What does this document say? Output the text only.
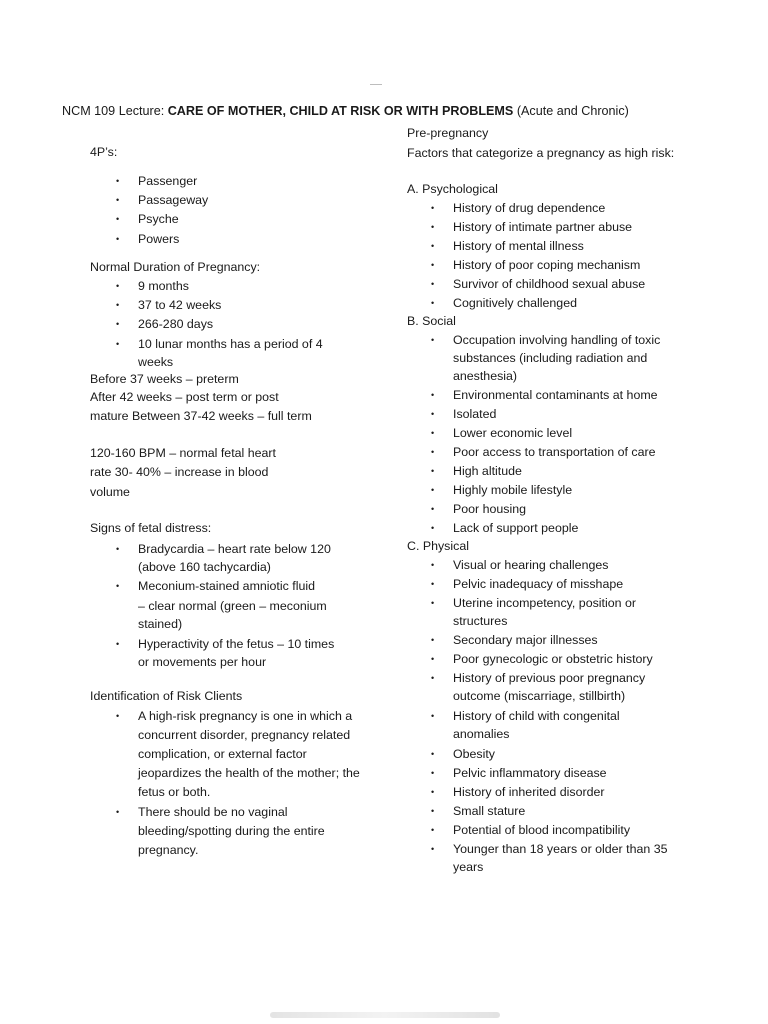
NCM 109 Lecture: CARE OF MOTHER, CHILD AT RISK OR WITH PROBLEMS (Acute and Chronic)
4P’s:
• Passenger
• Passageway
• Psyche
• Powers
Normal Duration of Pregnancy:
• 9 months
• 37 to 42 weeks
• 266-280 days
• 10 lunar months has a period of 4 weeks
Before 37 weeks – preterm
After 42 weeks – post term or post
mature Between 37-42 weeks – full term
120-160 BPM – normal fetal heart
rate 30- 40% – increase in blood
volume
Signs of fetal distress:
• Bradycardia – heart rate below 120 (above 160 tachycardia)
• Meconium-stained amniotic fluid
– clear normal (green – meconium stained)
• Hyperactivity of the fetus – 10 times or movements per hour
Identification of Risk Clients
• A high-risk pregnancy is one in which a concurrent disorder, pregnancy related complication, or external factor jeopardizes the health of the mother; the fetus or both.
• There should be no vaginal bleeding/spotting during the entire pregnancy.
Pre-pregnancy
Factors that categorize a pregnancy as high risk:
A. Psychological
• History of drug dependence
• History of intimate partner abuse
• History of mental illness
• History of poor coping mechanism
• Survivor of childhood sexual abuse
• Cognitively challenged
B. Social
• Occupation involving handling of toxic substances (including radiation and anesthesia)
• Environmental contaminants at home
• Isolated
• Lower economic level
• Poor access to transportation of care
• High altitude
• Highly mobile lifestyle
• Poor housing
• Lack of support people
C. Physical
• Visual or hearing challenges
• Pelvic inadequacy of misshape
• Uterine incompetency, position or structures
• Secondary major illnesses
• Poor gynecologic or obstetric history
• History of previous poor pregnancy outcome (miscarriage, stillbirth)
• History of child with congenital anomalies
• Obesity
• Pelvic inflammatory disease
• History of inherited disorder
• Small stature
• Potential of blood incompatibility
• Younger than 18 years or older than 35 years
